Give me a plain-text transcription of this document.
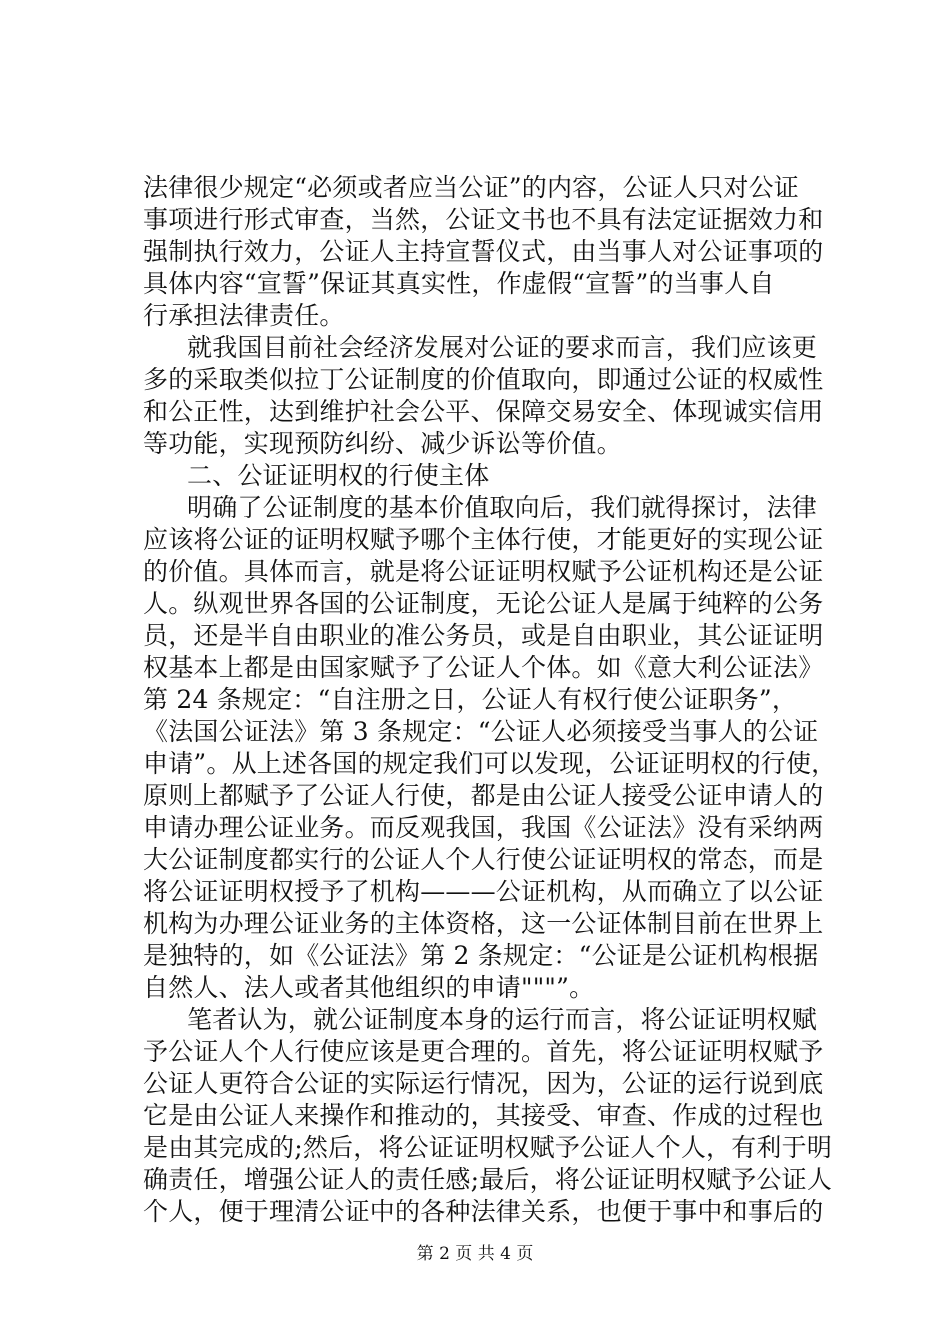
法律很少规定“必须或者应当公证”的内容，公证人只对公证
事项进行形式审查，当然，公证文书也不具有法定证据效力和
强制执行效力，公证人主持宣誓仪式，由当事人对公证事项的
具体内容“宣誓”保证其真实性，作虚假“宣誓”的当事人自
行承担法律责任。
就我国目前社会经济发展对公证的要求而言，我们应该更
多的采取类似拉丁公证制度的价值取向，即通过公证的权威性
和公正性，达到维护社会公平、保障交易安全、体现诚实信用
等功能，实现预防纠纷、减少诉讼等价值。
二、公证证明权的行使主体
明确了公证制度的基本价值取向后，我们就得探讨，法律
应该将公证的证明权赋予哪个主体行使，才能更好的实现公证
的价值。具体而言，就是将公证证明权赋予公证机构还是公证
人。纵观世界各国的公证制度，无论公证人是属于纯粹的公务
员，还是半自由职业的准公务员，或是自由职业，其公证证明
权基本上都是由国家赋予了公证人个体。如《意大利公证法》
第 24 条规定：“自注册之日，公证人有权行使公证职务”，
《法国公证法》第 3 条规定：“公证人必须接受当事人的公证
申请”。从上述各国的规定我们可以发现，公证证明权的行使，
原则上都赋予了公证人行使，都是由公证人接受公证申请人的
申请办理公证业务。而反观我国，我国《公证法》没有采纳两
大公证制度都实行的公证人个人行使公证证明权的常态，而是
将公证证明权授予了机构———公证机构，从而确立了以公证
机构为办理公证业务的主体资格，这一公证体制目前在世界上
是独特的，如《公证法》第 2 条规定：“公证是公证机构根据
自然人、法人或者其他组织的申请"""”。
笔者认为，就公证制度本身的运行而言，将公证证明权赋
予公证人个人行使应该是更合理的。首先，将公证证明权赋予
公证人更符合公证的实际运行情况，因为，公证的运行说到底
它是由公证人来操作和推动的，其接受、审查、作成的过程也
是由其完成的;然后，将公证证明权赋予公证人个人，有利于明
确责任，增强公证人的责任感;最后，将公证证明权赋予公证人
个人，便于理清公证中的各种法律关系，也便于事中和事后的
第 2 页 共 4 页
